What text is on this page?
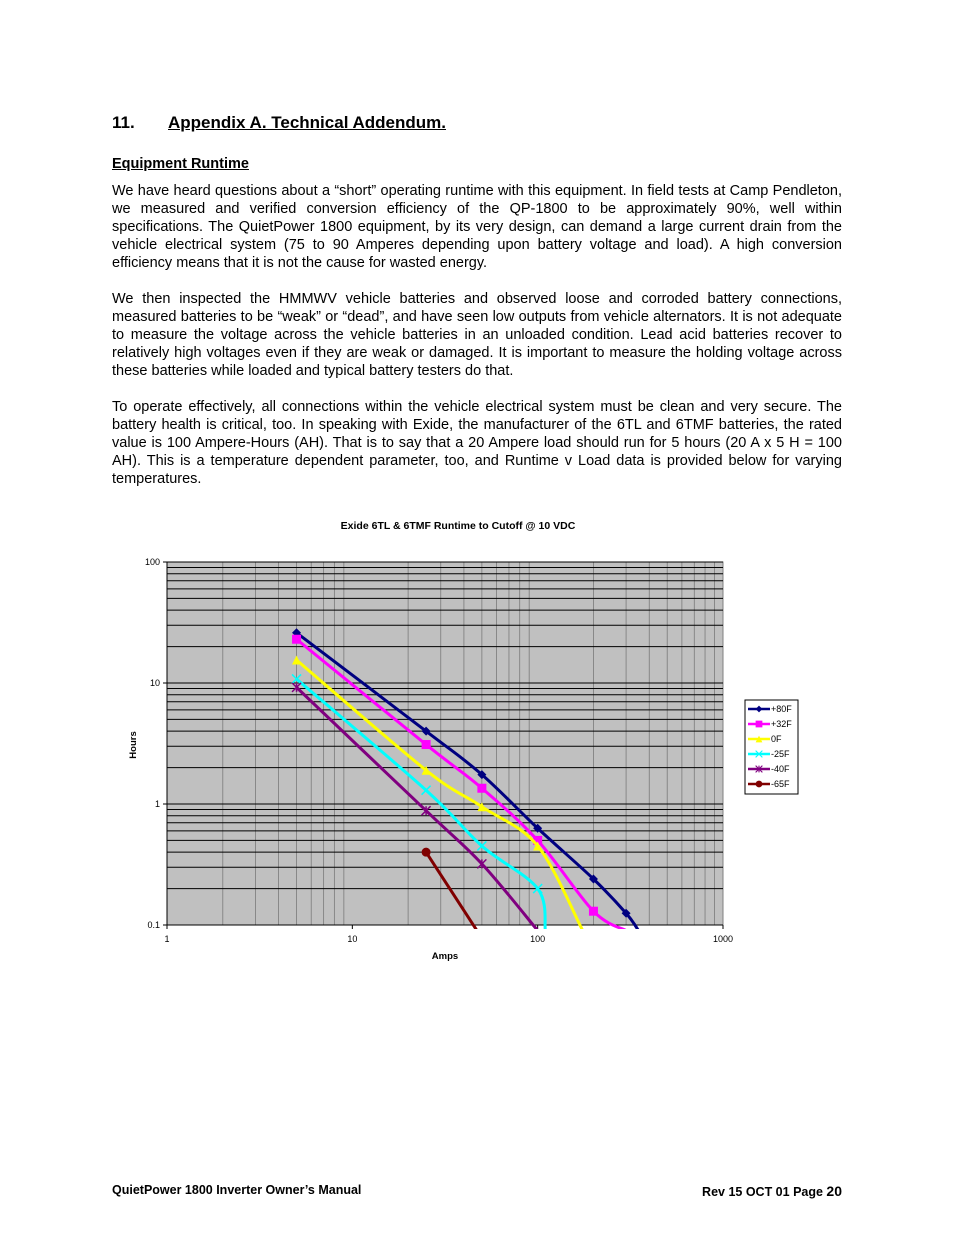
11. Appendix A. Technical Addendum.
Equipment Runtime

We have heard questions about a “short” operating runtime with this equipment. In field tests at Camp Pendleton, we measured and verified conversion efficiency of the QP-1800 to be approximately 90%, well within specifications. The QuietPower 1800 equipment, by its very design, can demand a large current drain from the vehicle electrical system (75 to 90 Amperes depending upon battery voltage and load). A high conversion efficiency means that it is not the cause for wasted energy.

We then inspected the HMMWV vehicle batteries and observed loose and corroded battery connections, measured batteries to be “weak” or “dead”, and have seen low outputs from vehicle alternators. It is not adequate to measure the voltage across the vehicle batteries in an unloaded condition. Lead acid batteries recover to relatively high voltages even if they are weak or damaged. It is important to measure the holding voltage across these batteries while loaded and typical battery testers do that.

To operate effectively, all connections within the vehicle electrical system must be clean and very secure. The battery health is critical, too. In speaking with Exide, the manufacturer of the 6TL and 6TMF batteries, the rated value is 100 Ampere-Hours (AH). That is to say that a 20 Ampere load should run for 5 hours (20 A x 5 H = 100 AH). This is a temperature dependent parameter, too, and Runtime v Load data is provided below for varying temperatures.

Exide 6TL & 6TMF Runtime to Cutoff @ 10 VDC
1	10	100	1000
100
10
1
0.1
Amps
Hours
+80F
+32F
0F
-25F
-40F
-65F
QuietPower 1800 Inverter Owner’s Manual	Rev 15 OCT 01 Page 20
